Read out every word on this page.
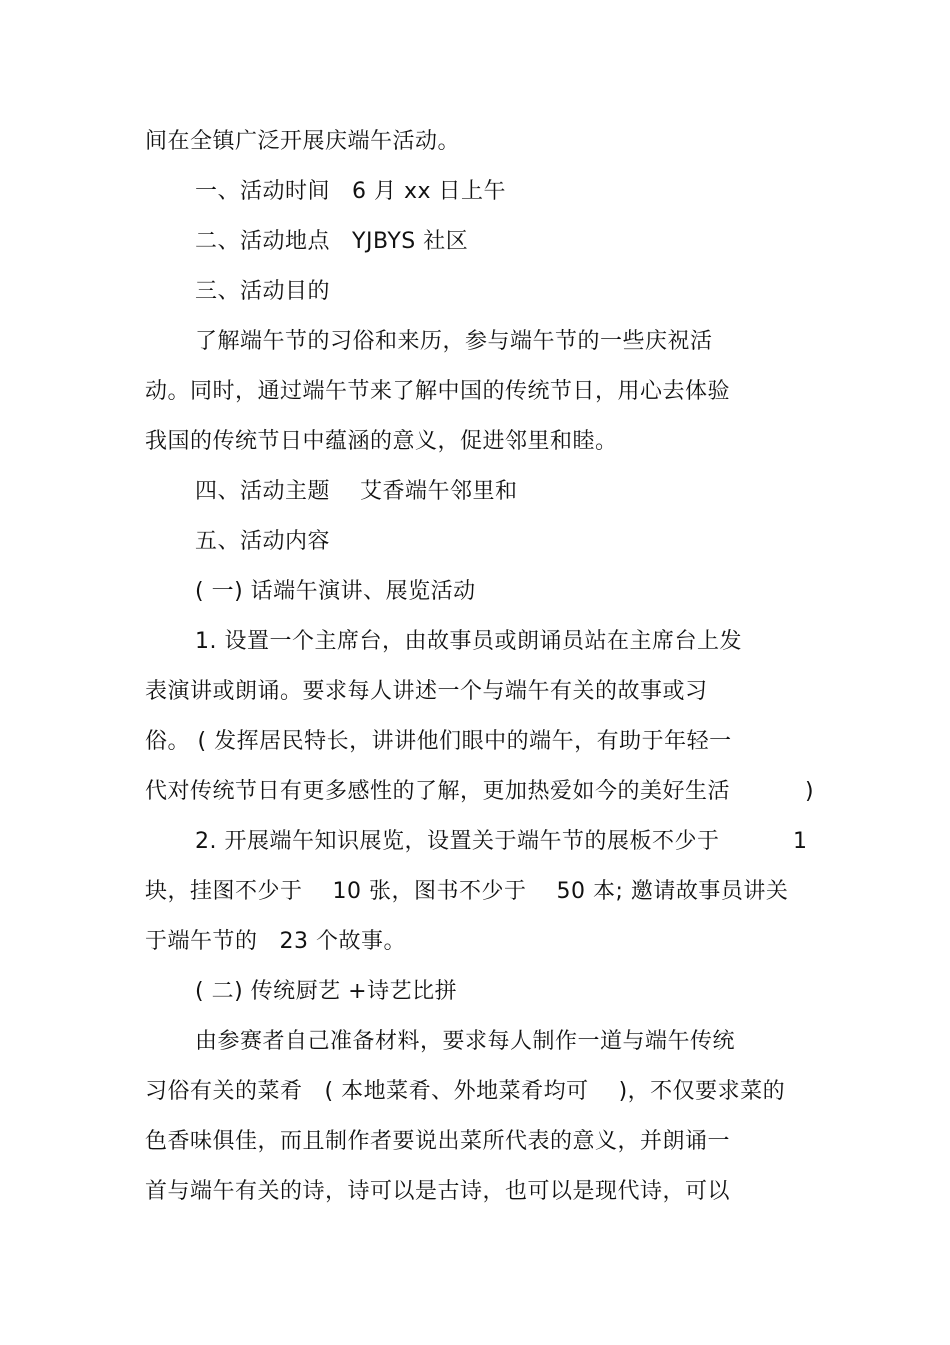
间在全镇广泛开展庆端午活动。
一、活动时间 6 月 xx 日上午
二、活动地点 YJBYS 社区
三、活动目的
了解端午节的习俗和来历，参与端午节的一些庆祝活
动。同时，通过端午节来了解中国的传统节日，用心去体验
我国的传统节日中蕴涵的意义，促进邻里和睦。
四、活动主题 艾香端午邻里和
五、活动内容
( 一) 话端午演讲、展览活动
1. 设置一个主席台，由故事员或朗诵员站在主席台上发
表演讲或朗诵。要求每人讲述一个与端午有关的故事或习
俗。 ( 发挥居民特长，讲讲他们眼中的端午，有助于年轻一
代对传统节日有更多感性的了解，更加热爱如今的美好生活	)
2. 开展端午知识展览，设置关于端午节的展板不少于	1
块，挂图不少于 10 张，图书不少于 50 本; 邀请故事员讲关
于端午节的 23 个故事。
( 二) 传统厨艺 +诗艺比拼
由参赛者自己准备材料，要求每人制作一道与端午传统
习俗有关的菜肴 ( 本地菜肴、外地菜肴均可 )，不仅要求菜的
色香味俱佳，而且制作者要说出菜所代表的意义，并朗诵一
首与端午有关的诗，诗可以是古诗，也可以是现代诗，可以
